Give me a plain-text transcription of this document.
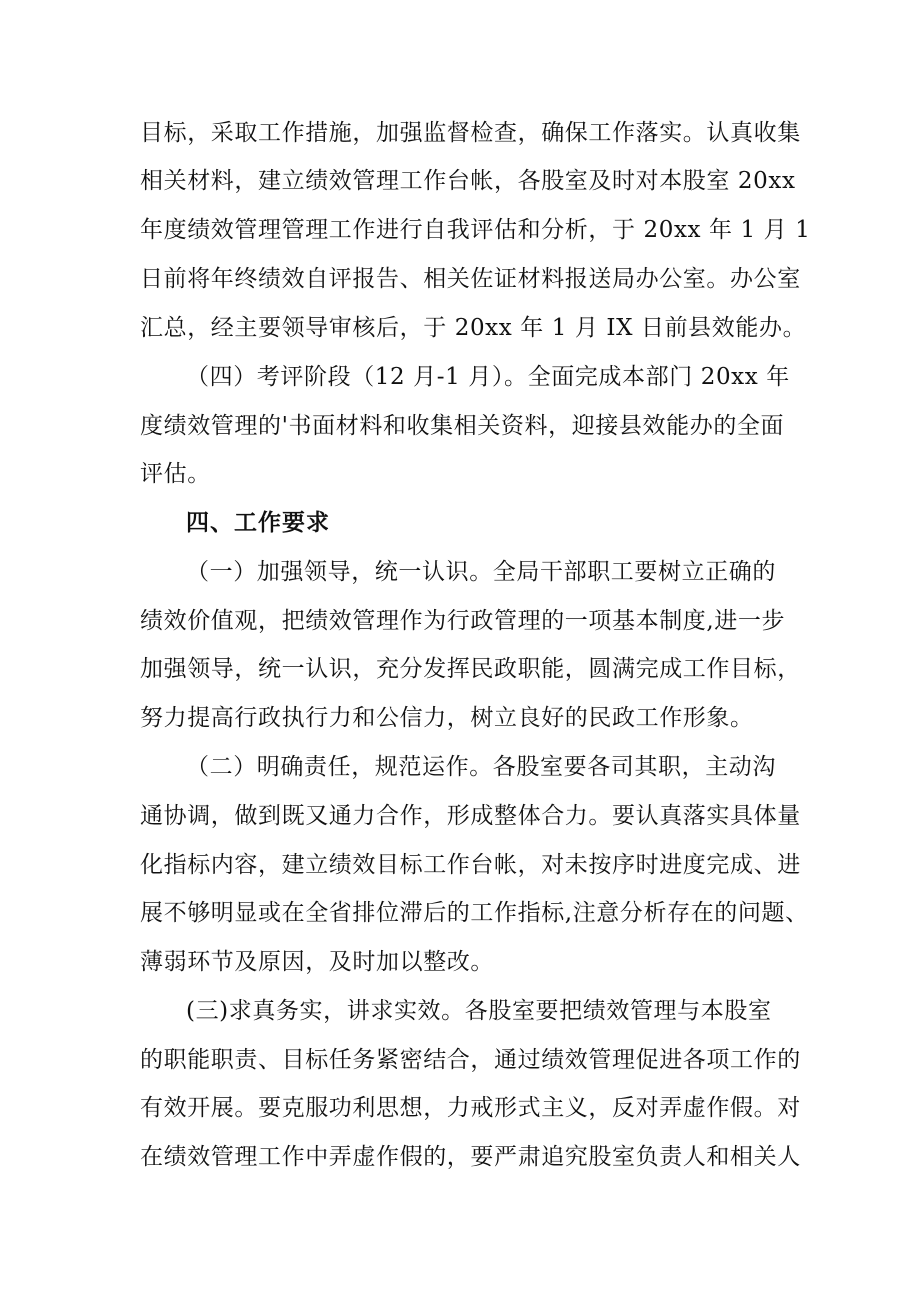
目标，采取工作措施，加强监督检查，确保工作落实。认真收集
相关材料，建立绩效管理工作台帐，各股室及时对本股室 20xx
年度绩效管理管理工作进行自我评估和分析，于 20xx 年 1 月 1
日前将年终绩效自评报告、相关佐证材料报送局办公室。办公室
汇总，经主要领导审核后，于 20xx 年 1 月 IX 日前县效能办。
（四）考评阶段（12 月-1 月）。全面完成本部门 20xx 年
度绩效管理的'书面材料和收集相关资料，迎接县效能办的全面
评估。
四、工作要求
（一）加强领导，统一认识。全局干部职工要树立正确的
绩效价值观，把绩效管理作为行政管理的一项基本制度,进一步
加强领导，统一认识，充分发挥民政职能，圆满完成工作目标，
努力提高行政执行力和公信力，树立良好的民政工作形象。
（二）明确责任，规范运作。各股室要各司其职，主动沟
通协调，做到既又通力合作，形成整体合力。要认真落实具体量
化指标内容，建立绩效目标工作台帐，对未按序时进度完成、进
展不够明显或在全省排位滞后的工作指标,注意分析存在的问题、
薄弱环节及原因，及时加以整改。
(三)求真务实，讲求实效。各股室要把绩效管理与本股室
的职能职责、目标任务紧密结合，通过绩效管理促进各项工作的
有效开展。要克服功利思想，力戒形式主义，反对弄虚作假。对
在绩效管理工作中弄虚作假的，要严肃追究股室负责人和相关人
